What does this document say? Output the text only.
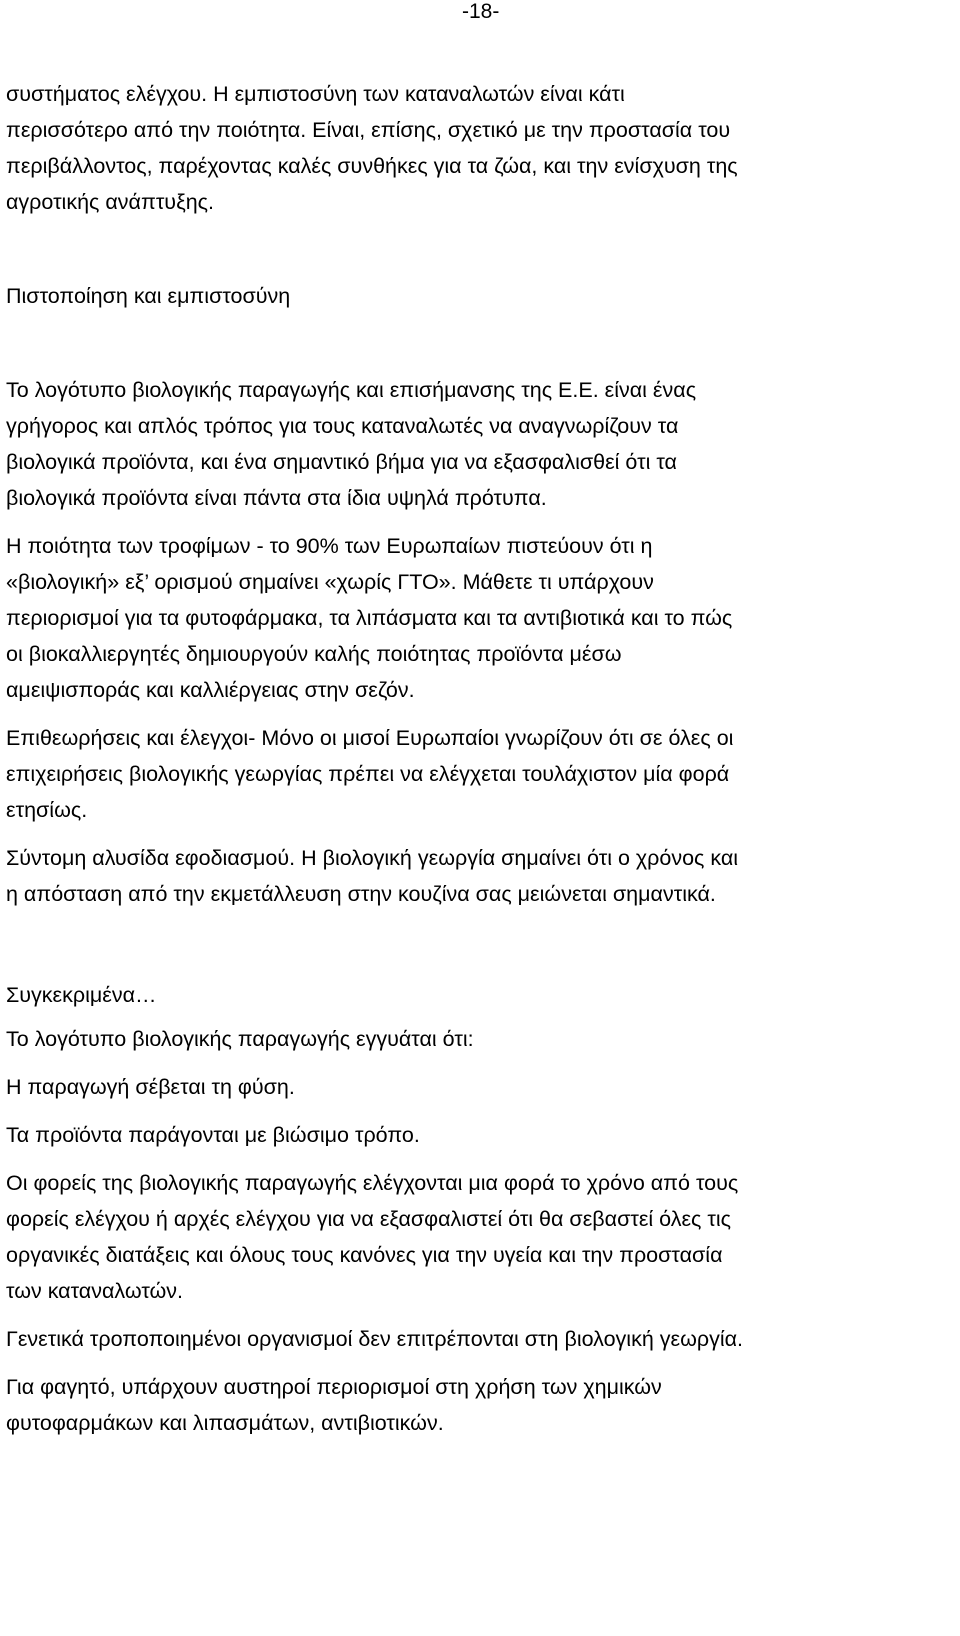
-18-

συστήματος ελέγχου. Η εμπιστοσύνη των καταναλωτών είναι κάτι
περισσότερο από την ποιότητα. Είναι, επίσης, σχετικό με την προστασία του
περιβάλλοντος, παρέχοντας καλές συνθήκες για τα ζώα, και την ενίσχυση της
αγροτικής ανάπτυξης.

Πιστοποίηση και εμπιστοσύνη

Το λογότυπο βιολογικής παραγωγής και επισήμανσης της Ε.Ε. είναι ένας
γρήγορος και απλός τρόπος για τους καταναλωτές να αναγνωρίζουν τα
βιολογικά προϊόντα, και ένα σημαντικό βήμα για να εξασφαλισθεί ότι τα
βιολογικά προϊόντα είναι πάντα στα ίδια υψηλά πρότυπα.

Η ποιότητα των τροφίμων - το 90% των Ευρωπαίων πιστεύουν ότι η
«βιολογική» εξ’ ορισμού σημαίνει «χωρίς ΓΤΟ». Μάθετε τι υπάρχουν
περιορισμοί για τα φυτοφάρμακα, τα λιπάσματα και τα αντιβιοτικά και το πώς
οι βιοκαλλιεργητές δημιουργούν καλής ποιότητας προϊόντα μέσω
αμειψισποράς και καλλιέργειας στην σεζόν.

Επιθεωρήσεις και έλεγχοι- Μόνο οι μισοί Ευρωπαίοι γνωρίζουν ότι σε όλες οι
επιχειρήσεις βιολογικής γεωργίας πρέπει να ελέγχεται τουλάχιστον μία φορά
ετησίως.

Σύντομη αλυσίδα εφοδιασμού. Η βιολογική γεωργία σημαίνει ότι ο χρόνος και
η απόσταση από την εκμετάλλευση στην κουζίνα σας μειώνεται σημαντικά.

Συγκεκριμένα…

Το λογότυπο βιολογικής παραγωγής εγγυάται ότι:

Η παραγωγή σέβεται τη φύση.

Τα προϊόντα παράγονται με βιώσιμο τρόπο.

Οι φορείς της βιολογικής παραγωγής ελέγχονται μια φορά το χρόνο από τους
φορείς ελέγχου ή αρχές ελέγχου για να εξασφαλιστεί ότι θα σεβαστεί όλες τις
οργανικές διατάξεις και όλους τους κανόνες για την υγεία και την προστασία
των καταναλωτών.

Γενετικά τροποποιημένοι οργανισμοί δεν επιτρέπονται στη βιολογική γεωργία.

Για φαγητό, υπάρχουν αυστηροί περιορισμοί στη χρήση των χημικών
φυτοφαρμάκων και λιπασμάτων, αντιβιοτικών.
